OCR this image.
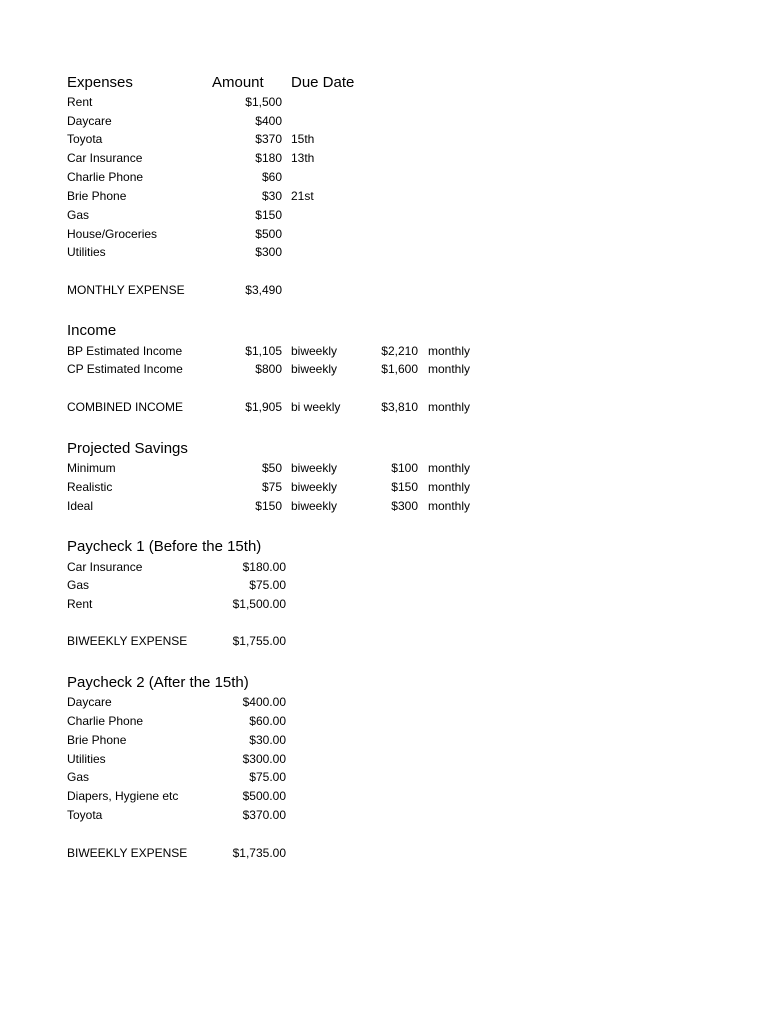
Expenses	Amount Due Date
Rent	$1,500
Daycare	$400
Toyota	$370 15th
Car Insurance	$180 13th
Charlie Phone	$60
Brie Phone	$30 21st
Gas	$150
House/Groceries	$500
Utilities	$300
MONTHLY EXPENSE	$3,490
Income
BP Estimated Income	$1,105 biweekly	$2,210 monthly
CP Estimated Income	$800 biweekly	$1,600 monthly
COMBINED INCOME	$1,905 bi weekly	$3,810 monthly
Projected Savings
Minimum	$50 biweekly	$100 monthly
Realistic	$75 biweekly	$150 monthly
Ideal	$150 biweekly	$300 monthly
Paycheck 1 (Before the 15th)
Car Insurance	$180.00
Gas	$75.00
Rent	$1,500.00
BIWEEKLY EXPENSE	$1,755.00
Paycheck 2 (After the 15th)
Daycare	$400.00
Charlie Phone	$60.00
Brie Phone	$30.00
Utilities	$300.00
Gas	$75.00
Diapers, Hygiene etc	$500.00
Toyota	$370.00
BIWEEKLY EXPENSE	$1,735.00
